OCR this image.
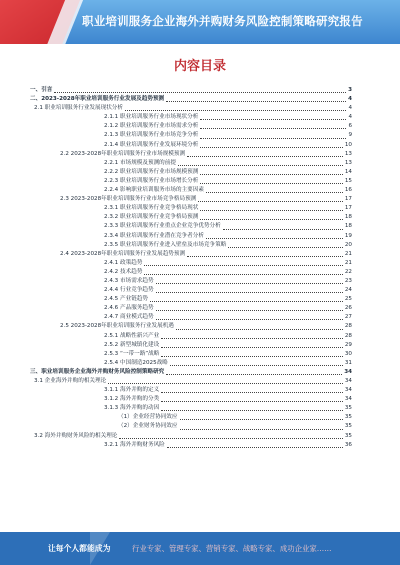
职业培训服务企业海外并购财务风险控制策略研究报告
内容目录
一、引言	3
二、2023-2028年职业培训服务行业发展及趋势预测	4
2.1 职业培训服务行业发展现状分析	4
2.1.1 职业培训服务行业市场现状分析	4
2.1.2 职业培训服务行业市场需求分析	6
2.1.3 职业培训服务行业市场竞争分析	9
2.1.4 职业培训服务行业发展环境分析	10
2.2 2023-2028年职业培训服务行业市场规模预测	13
2.2.1 市场规模及预测的前提	13
2.2.2 职业培训服务行业市场规模预测	14
2.2.3 职业培训服务行业市场增长分析	15
2.2.4 影响职业培训服务市场的主要因素	16
2.3 2023-2028年职业培训服务行业市场竞争格局预测	17
2.3.1 职业培训服务行业竞争格局现状	17
2.3.2 职业培训服务行业竞争格局预测	18
2.3.3 职业培训服务行业重点企业竞争优势分析	18
2.3.4 职业培训服务行业潜在竞争者分析	19
2.3.5 职业培训服务行业进入壁垒及市场竞争策略	20
2.4 2023-2028年职业培训服务行业发展趋势预测	21
2.4.1 政策趋势	21
2.4.2 技术趋势	22
2.4.3 市场需求趋势	23
2.4.4 行业竞争趋势	24
2.4.5 产业链趋势	25
2.4.6 产品服务趋势	26
2.4.7 商业模式趋势	27
2.5 2023-2028年职业培训服务行业发展机遇	28
2.5.1 战略性新兴产业	28
2.5.2 新型城镇化建设	29
2.5.3 “一带一路”战略	30
2.5.4 中国制造2025战略	31
三、职业培训服务企业海外并购财务风险控制策略研究	34
3.1 企业海外并购的相关理论	34
3.1.1 海外并购的定义	34
3.1.2 海外并购的分类	34
3.1.3 海外并购的动因	35
（1）企业经营协同效应	35
（2）企业财务协同效应	35
3.2 海外并购财务风险的相关理论	35
3.2.1 海外并购财务风险	36
让每个人都能成为	行业专家、管理专家、营销专家、战略专家、成功企业家……
